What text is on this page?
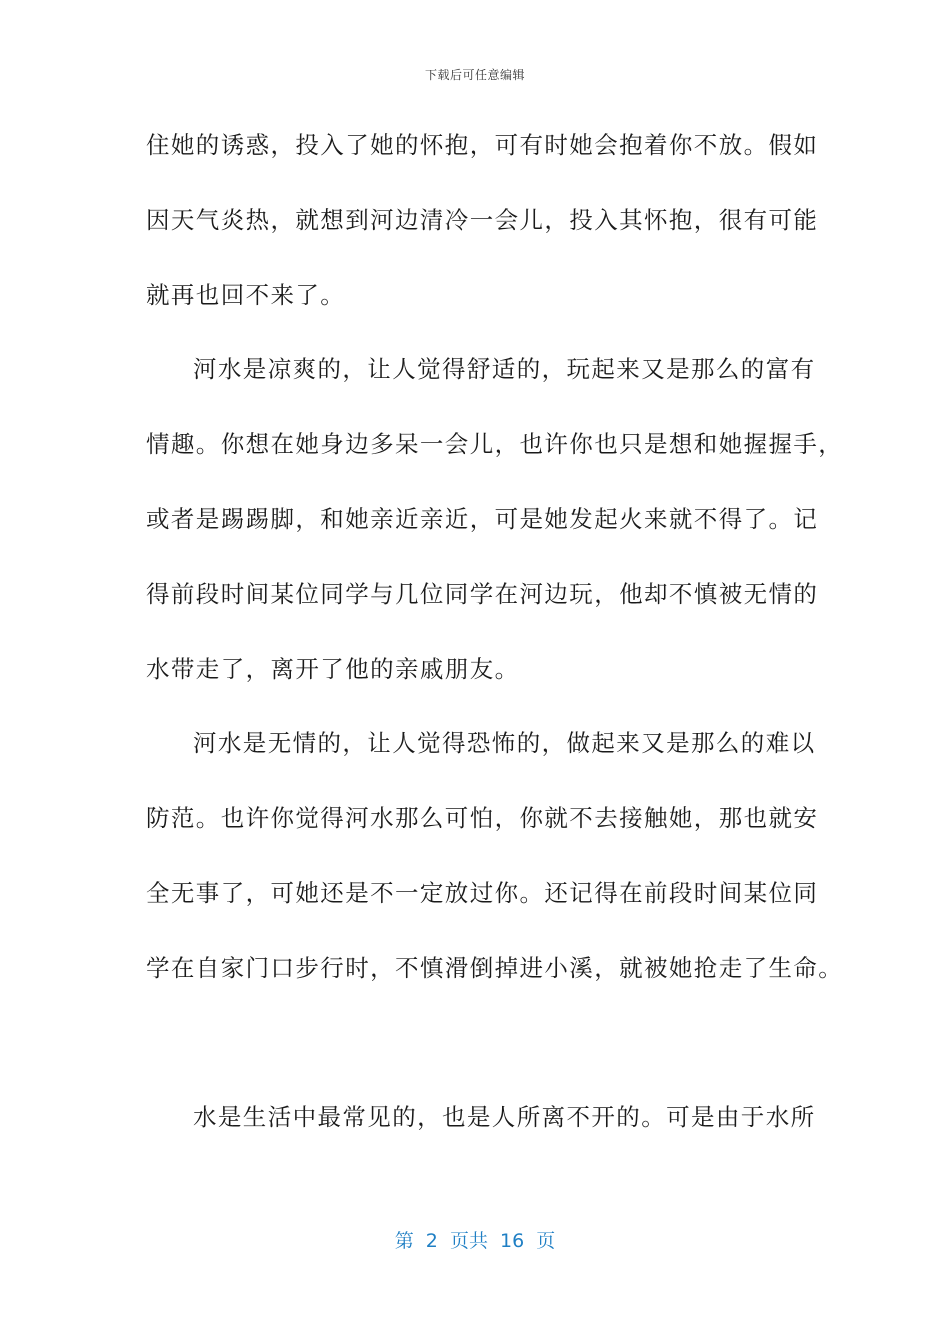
下载后可任意编辑
住她的诱惑，投入了她的怀抱，可有时她会抱着你不放。假如
因天气炎热，就想到河边清冷一会儿，投入其怀抱，很有可能
就再也回不来了。
河水是凉爽的，让人觉得舒适的，玩起来又是那么的富有
情趣。你想在她身边多呆一会儿，也许你也只是想和她握握手，
或者是踢踢脚，和她亲近亲近，可是她发起火来就不得了。记
得前段时间某位同学与几位同学在河边玩，他却不慎被无情的
水带走了，离开了他的亲戚朋友。
河水是无情的，让人觉得恐怖的，做起来又是那么的难以
防范。也许你觉得河水那么可怕，你就不去接触她，那也就安
全无事了，可她还是不一定放过你。还记得在前段时间某位同
学在自家门口步行时，不慎滑倒掉进小溪，就被她抢走了生命。
水是生活中最常见的，也是人所离不开的。可是由于水所
第  2  页共  16  页
